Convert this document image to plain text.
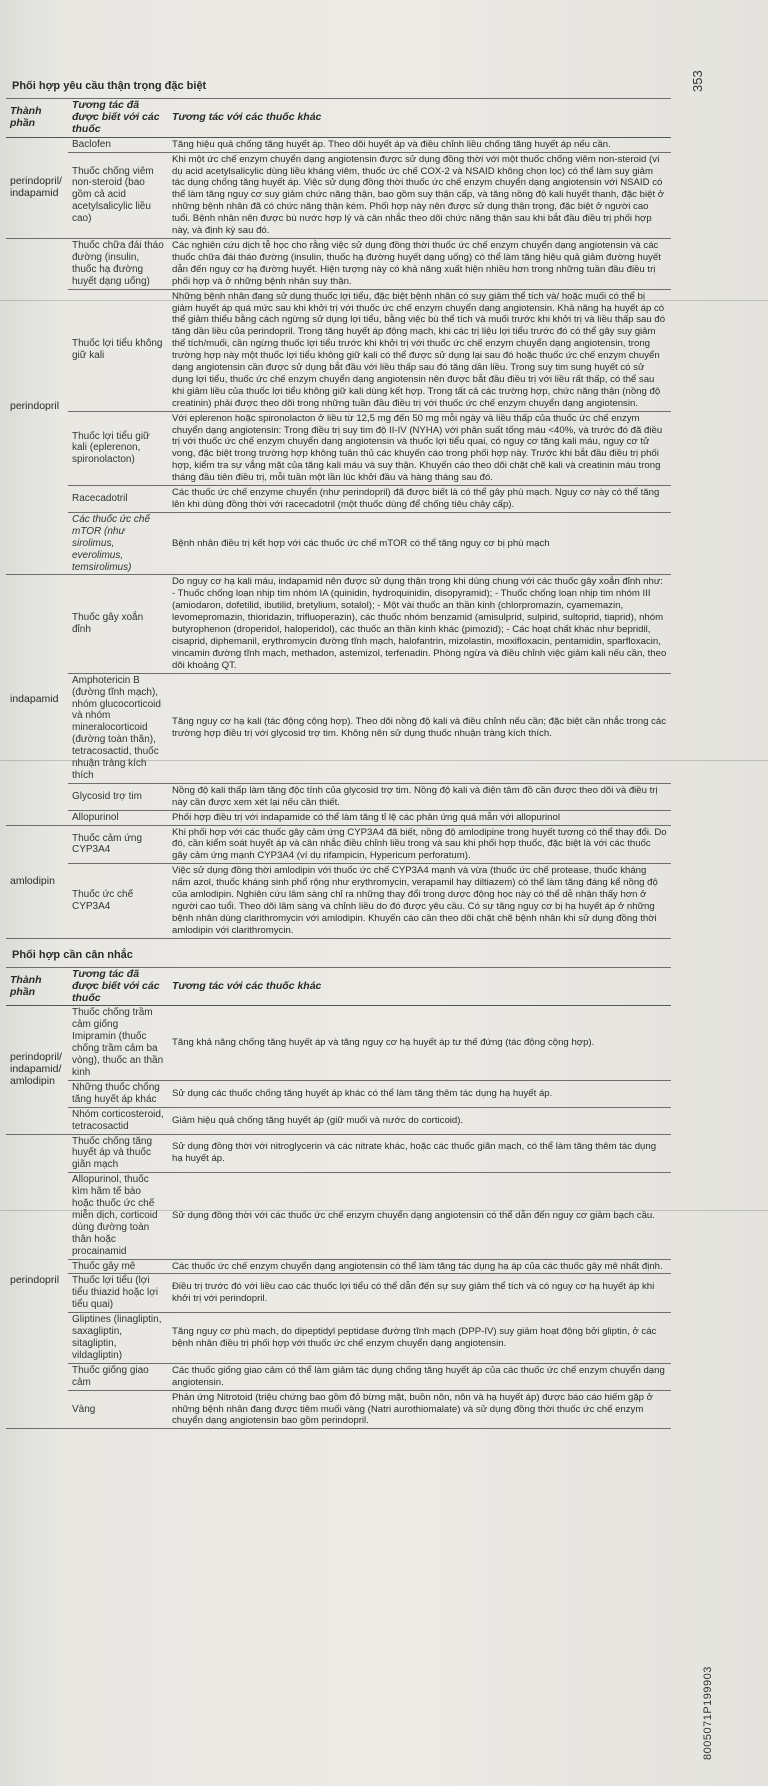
353
8005071P199903
Phối hợp yêu cầu thận trọng đặc biệt
Thành phần	Tương tác đã được biết với các thuốc	Tương tác với các thuốc khác
perindopril/ indapamid	Baclofen	Tăng hiệu quả chống tăng huyết áp. Theo dõi huyết áp và điều chỉnh liều chống tăng huyết áp nếu cần.
	Thuốc chống viêm non-steroid (bao gồm cả acid acetylsalicylic liều cao)	Khi một ức chế enzym chuyển dạng angiotensin được sử dụng đồng thời với một thuốc chống viêm non-steroid (ví dụ acid acetylsalicylic dùng liều kháng viêm, thuốc ức chế COX-2 và NSAID không chọn lọc) có thể làm suy giảm tác dụng chống tăng huyết áp. Việc sử dụng đồng thời thuốc ức chế enzym chuyển dạng angiotensin với NSAID có thể làm tăng nguy cơ suy giảm chức năng thận, bao gồm suy thận cấp, và tăng nồng độ kali huyết thanh, đặc biệt ở những bệnh nhân đã có chức năng thận kém. Phối hợp này nên được sử dụng thận trọng, đặc biệt ở người cao tuổi. Bệnh nhân nên được bù nước hợp lý và cân nhắc theo dõi chức năng thận sau khi bắt đầu điều trị phối hợp này, và định kỳ sau đó.
perindopril	Thuốc chữa đái tháo đường (insulin, thuốc hạ đường huyết dạng uống)	Các nghiên cứu dịch tễ học cho rằng việc sử dụng đồng thời thuốc ức chế enzym chuyển dạng angiotensin và các thuốc chữa đái tháo đường (insulin, thuốc hạ đường huyết dạng uống) có thể làm tăng hiệu quả giảm đường huyết dẫn đến nguy cơ hạ đường huyết. Hiện tượng này có khả năng xuất hiện nhiều hơn trong những tuần đầu điều trị phối hợp và ở những bệnh nhân suy thận.
	Thuốc lợi tiểu không giữ kali	Những bệnh nhân đang sử dụng thuốc lợi tiểu, đặc biệt bệnh nhân có suy giảm thể tích và/ hoặc muối có thể bị giảm huyết áp quá mức sau khi khởi trị với thuốc ức chế enzym chuyển dạng angiotensin. Khả năng hạ huyết áp có thể giảm thiểu bằng cách ngừng sử dụng lợi tiểu, bằng việc bù thể tích và muối trước khi khởi trị và liều thấp sau đó tăng dần liều của perindopril. Trong tăng huyết áp động mạch, khi các trị liệu lợi tiểu trước đó có thể gây suy giảm thể tích/muối, cần ngừng thuốc lợi tiểu trước khi khởi trị với thuốc ức chế enzym chuyển dạng angiotensin, trong trường hợp này một thuốc lợi tiểu không giữ kali có thể được sử dụng lại sau đó hoặc thuốc ức chế enzym chuyển dạng angiotensin cần được sử dụng bắt đầu với liều thấp sau đó tăng dần liều. Trong suy tim sung huyết có sử dụng lợi tiểu, thuốc ức chế enzym chuyển dạng angiotensin nên được bắt đầu điều trị với liều rất thấp, có thể sau khi giảm liều của thuốc lợi tiểu không giữ kali dùng kết hợp. Trong tất cả các trường hợp, chức năng thận (nồng độ creatinin) phải được theo dõi trong những tuần đầu điều trị với thuốc ức chế enzym chuyển dạng angiotensin.
	Thuốc lợi tiểu giữ kali (eplerenon, spironolacton)	Với eplerenon hoặc spironolacton ở liều từ 12,5 mg đến 50 mg mỗi ngày và liều thấp của thuốc ức chế enzym chuyển dạng angiotensin: Trong điều trị suy tim độ II-IV (NYHA) với phân suất tống máu <40%, và trước đó đã điều trị với thuốc ức chế enzym chuyển dạng angiotensin và thuốc lợi tiểu quai, có nguy cơ tăng kali máu, nguy cơ tử vong, đặc biệt trong trường hợp không tuân thủ các khuyến cáo trong phối hợp này. Trước khi bắt đầu điều trị phối hợp, kiểm tra sự vắng mặt của tăng kali máu và suy thận. Khuyến cáo theo dõi chặt chẽ kali và creatinin máu trong tháng đầu tiên điều trị, mỗi tuần một lần lúc khởi đầu và hàng tháng sau đó.
	Racecadotril	Các thuốc ức chế enzyme chuyển (như perindopril) đã được biết là có thể gây phù mạch. Nguy cơ này có thể tăng lên khi dùng đồng thời với racecadotril (một thuốc dùng để chống tiêu chảy cấp).
	Các thuốc ức chế mTOR (như sirolimus, everolimus, temsirolimus)	Bệnh nhân điều trị kết hợp với các thuốc ức chế mTOR có thể tăng nguy cơ bị phù mạch
indapamid	Thuốc gây xoắn đỉnh	Do nguy cơ hạ kali máu, indapamid nên được sử dụng thận trọng khi dùng chung với các thuốc gây xoắn đỉnh như: - Thuốc chống loạn nhịp tim nhóm IA (quinidin, hydroquinidin, disopyramid); - Thuốc chống loạn nhịp tim nhóm III (amiodaron, dofetilid, ibutilid, bretylium, sotalol); - Một vài thuốc an thần kinh (chlorpromazin, cyamemazin, levomepromazin, thioridazin, trifluoperazin), các thuốc nhóm benzamid (amisulprid, sulpirid, sultoprid, tiaprid), nhóm butyrophenon (droperidol, haloperidol), các thuốc an thần kinh khác (pimozid); - Các hoạt chất khác như bepridil, cisaprid, diphemanil, erythromycin đường tĩnh mạch, halofantrin, mizolastin, moxifloxacin, pentamidin, sparfloxacin, vincamin đường tĩnh mạch, methadon, astemizol, terfenadin. Phòng ngừa và điều chỉnh việc giảm kali nếu cần, theo dõi khoảng QT.
	Amphotericin B (đường tĩnh mạch), nhóm glucocorticoid và nhóm mineralocorticoid (đường toàn thân), tetracosactid, thuốc nhuận tràng kích thích	Tăng nguy cơ hạ kali (tác động cộng hợp). Theo dõi nồng độ kali và điều chỉnh nếu cần; đặc biệt cần nhắc trong các trường hợp điều trị với glycosid trợ tim. Không nên sử dụng thuốc nhuận tràng kích thích.
	Glycosid trợ tim	Nồng độ kali thấp làm tăng độc tính của glycosid trợ tim. Nồng độ kali và điện tâm đồ cần được theo dõi và điều trị này cần được xem xét lại nếu cần thiết.
	Allopurinol	Phối hợp điều trị với indapamide có thể làm tăng tỉ lệ các phản ứng quá mẫn với allopurinol
amlodipin	Thuốc cảm ứng CYP3A4	Khi phối hợp với các thuốc gây cảm ứng CYP3A4 đã biết, nồng độ amlodipine trong huyết tương có thể thay đổi. Do đó, cần kiểm soát huyết áp và cân nhắc điều chỉnh liều trong và sau khi phối hợp thuốc, đặc biệt là với các thuốc gây cảm ứng mạnh CYP3A4 (ví dụ rifampicin, Hypericum perforatum).
	Thuốc ức chế CYP3A4	Việc sử dụng đồng thời amlodipin với thuốc ức chế CYP3A4 mạnh và vừa (thuốc ức chế protease, thuốc kháng nấm azol, thuốc kháng sinh phổ rộng như erythromycin, verapamil hay diltiazem) có thể làm tăng đáng kể nồng độ của amlodipin. Nghiên cứu lâm sàng chỉ ra những thay đổi trong dược động học này có thể dễ nhận thấy hơn ở người cao tuổi. Theo dõi lâm sàng và chỉnh liều do đó được yêu cầu. Có sự tăng nguy cơ bị hạ huyết áp ở những bệnh nhân dùng clarithromycin với amlodipin. Khuyến cáo cần theo dõi chặt chẽ bệnh nhân khi sử dụng đồng thời amlodipin với clarithromycin.
Phối hợp cần cân nhắc
Thành phần	Tương tác đã được biết với các thuốc	Tương tác với các thuốc khác
perindopril/ indapamid/ amlodipin	Thuốc chống trầm cảm giống Imipramin (thuốc chống trầm cảm ba vòng), thuốc an thần kinh	Tăng khả năng chống tăng huyết áp và tăng nguy cơ hạ huyết áp tư thế đứng (tác động cộng hợp).
	Những thuốc chống tăng huyết áp khác	Sử dụng các thuốc chống tăng huyết áp khác có thể làm tăng thêm tác dụng hạ huyết áp.
	Nhóm corticosteroid, tetracosactid	Giảm hiệu quả chống tăng huyết áp (giữ muối và nước do corticoid).
perindopril	Thuốc chống tăng huyết áp và thuốc giãn mạch	Sử dụng đồng thời với nitroglycerin và các nitrate khác, hoặc các thuốc giãn mạch, có thể làm tăng thêm tác dụng hạ huyết áp.
	Allopurinol, thuốc kìm hãm tế bào hoặc thuốc ức chế miễn dịch, corticoid dùng đường toàn thân hoặc procainamid	Sử dụng đồng thời với các thuốc ức chế enzym chuyển dạng angiotensin có thể dẫn đến nguy cơ giảm bạch cầu.
	Thuốc gây mê	Các thuốc ức chế enzym chuyển dạng angiotensin có thể làm tăng tác dụng hạ áp của các thuốc gây mê nhất định.
	Thuốc lợi tiểu (lợi tiểu thiazid hoặc lợi tiểu quai)	Điều trị trước đó với liều cao các thuốc lợi tiểu có thể dẫn đến sự suy giảm thể tích và có nguy cơ hạ huyết áp khi khởi trị với perindopril.
	Gliptines (linagliptin, saxagliptin, sitagliptin, vildagliptin)	Tăng nguy cơ phù mạch, do dipeptidyl peptidase đường tĩnh mạch (DPP-IV) suy giảm hoạt động bởi gliptin, ở các bệnh nhân điều trị phối hợp với thuốc ức chế enzym chuyển dạng angiotensin.
	Thuốc giống giao cảm	Các thuốc giống giao cảm có thể làm giảm tác dụng chống tăng huyết áp của các thuốc ức chế enzym chuyển dạng angiotensin.
	Vàng	Phản ứng Nitrotoid (triệu chứng bao gồm đỏ bừng mặt, buồn nôn, nôn và hạ huyết áp) được báo cáo hiếm gặp ở những bệnh nhân đang được tiêm muối vàng (Natri aurothiomalate) và sử dụng đồng thời thuốc ức chế enzym chuyển dạng angiotensin bao gồm perindopril.
